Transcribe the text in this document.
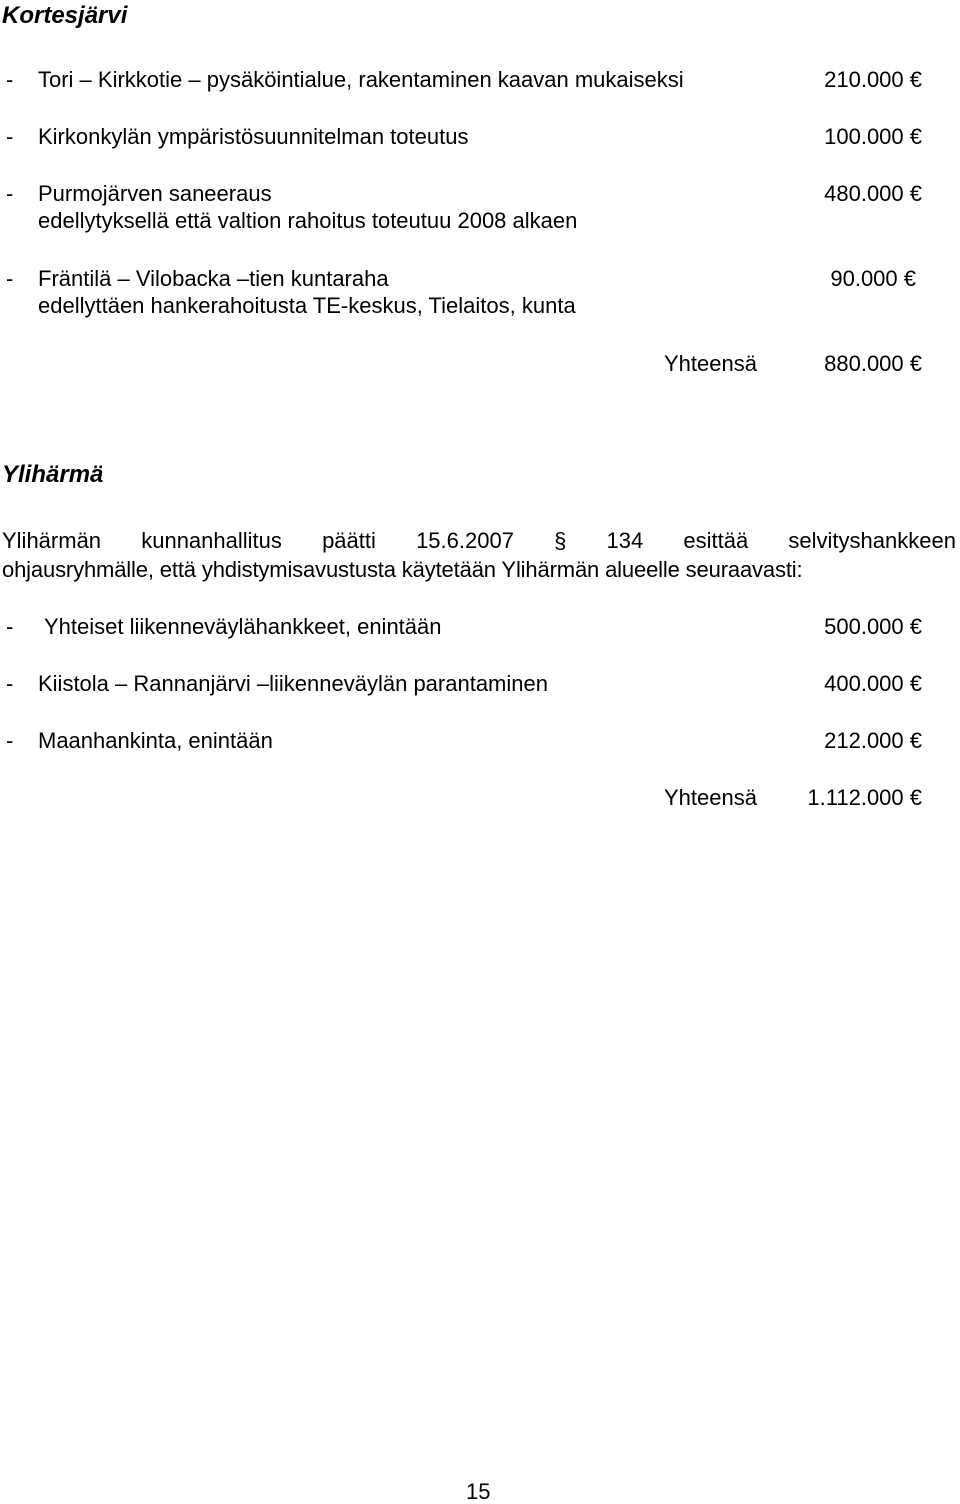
Kortesjärvi
- Tori – Kirkkotie – pysäköintialue, rakentaminen kaavan mukaiseksi	210.000 €
- Kirkonkylän ympäristösuunnitelman toteutus	100.000 €
- Purmojärven saneeraus	480.000 €
edellytyksellä että valtion rahoitus toteutuu 2008 alkaen
- Fräntilä – Vilobacka –tien kuntaraha	90.000 €
edellyttäen hankerahoitusta TE-keskus, Tielaitos, kunta
Yhteensä	880.000 €
Ylihärmä
Ylihärmän kunnanhallitus päätti 15.6.2007 § 134 esittää selvityshankkeen
ohjausryhmälle, että yhdistymisavustusta käytetään Ylihärmän alueelle seuraavasti:
- Yhteiset liikenneväylähankkeet, enintään	500.000 €
- Kiistola – Rannanjärvi –liikenneväylän parantaminen	400.000 €
- Maanhankinta, enintään	212.000 €
Yhteensä 1.112.000 €
15
